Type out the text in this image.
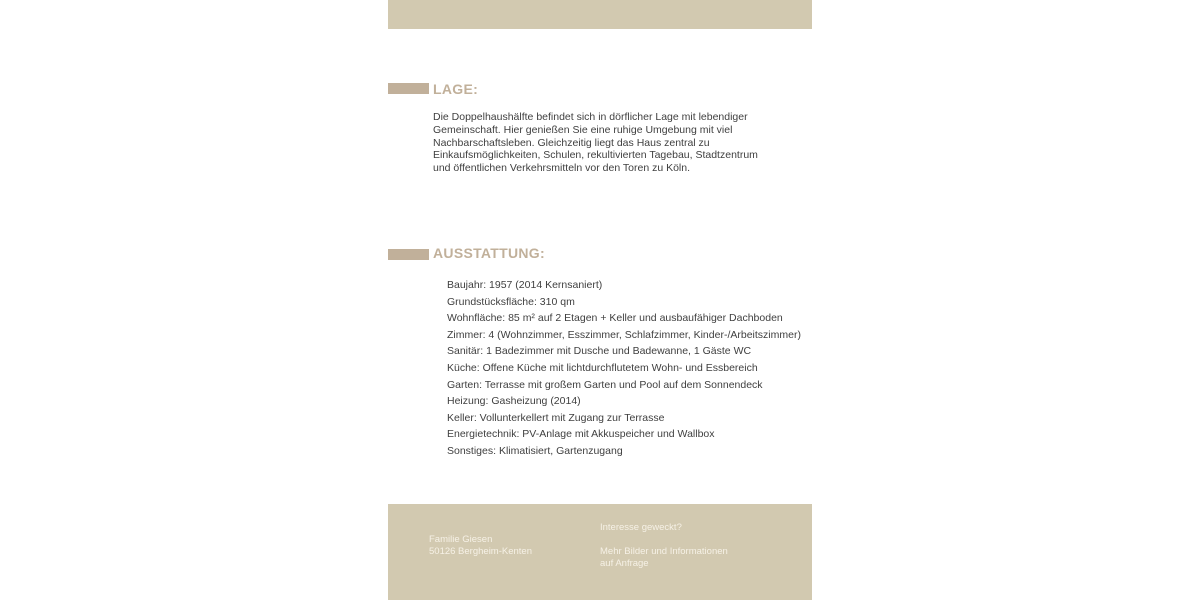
LAGE:

Die Doppelhaushälfte befindet sich in dörflicher Lage mit lebendiger Gemeinschaft. Hier genießen Sie eine ruhige Umgebung mit viel Nachbarschaftsleben. Gleichzeitig liegt das Haus zentral zu Einkaufsmöglichkeiten, Schulen, rekultivierten Tagebau, Stadtzentrum und öffentlichen Verkehrsmitteln vor den Toren zu Köln.

AUSSTATTUNG:
Baujahr: 1957 (2014 Kernsaniert)
Grundstücksfläche: 310 qm
Wohnfläche: 85 m² auf 2 Etagen + Keller und ausbaufähiger Dachboden
Zimmer: 4 (Wohnzimmer, Esszimmer, Schlafzimmer, Kinder-/Arbeitszimmer)
Sanitär: 1 Badezimmer mit Dusche und Badewanne, 1 Gäste WC
Küche: Offene Küche mit lichtdurchflutetem Wohn- und Essbereich
Garten: Terrasse mit großem Garten und Pool auf dem Sonnendeck
Heizung: Gasheizung (2014)
Keller: Vollunterkellert mit Zugang zur Terrasse
Energietechnik: PV-Anlage mit Akkuspeicher und Wallbox
Sonstiges: Klimatisiert, Gartenzugang
Familie Giesen
50126 Bergheim-Kenten
Interesse geweckt?
Mehr Bilder und Informationen
auf Anfrage
